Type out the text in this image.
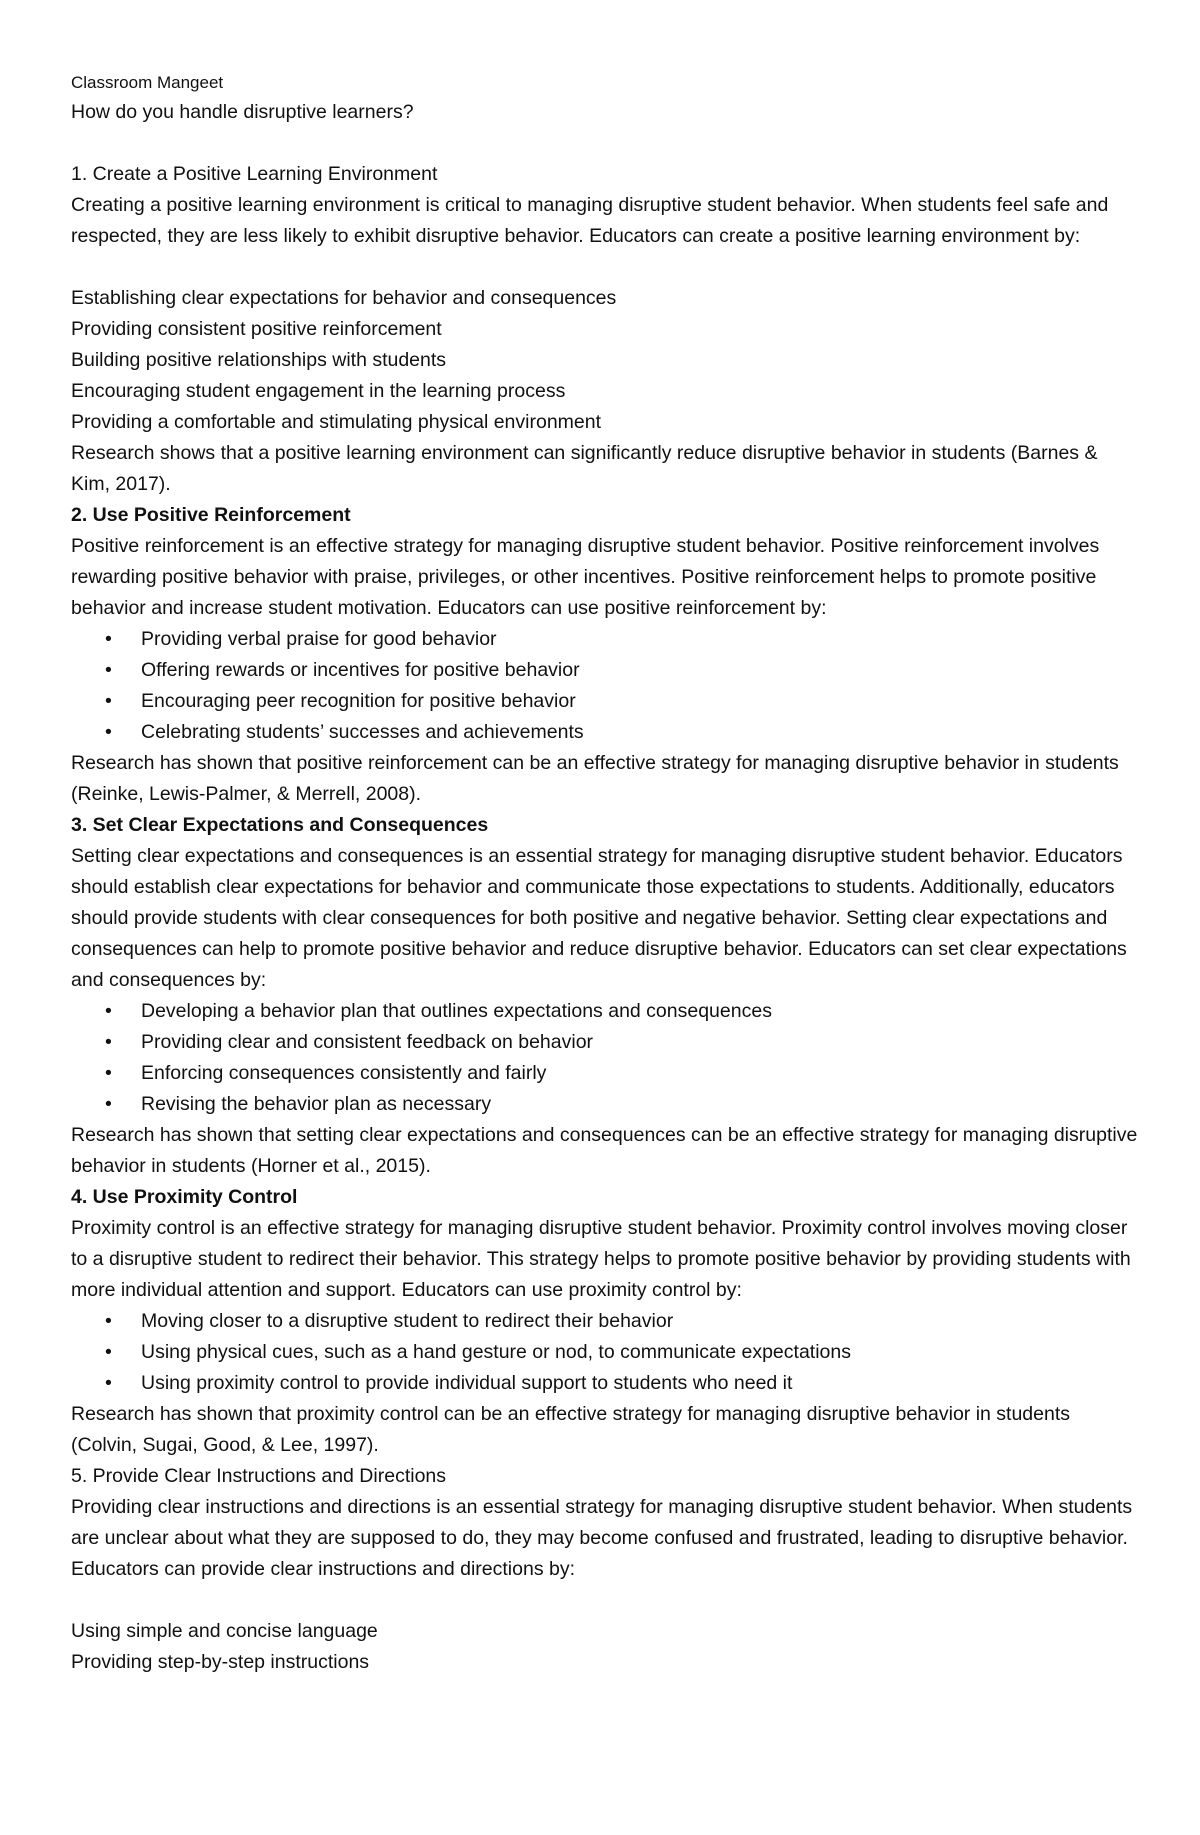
Classroom Mangeet
How do you handle disruptive learners?
1. Create a Positive Learning Environment
Creating a positive learning environment is critical to managing disruptive student behavior. When students feel safe and respected, they are less likely to exhibit disruptive behavior. Educators can create a positive learning environment by:
Establishing clear expectations for behavior and consequences
Providing consistent positive reinforcement
Building positive relationships with students
Encouraging student engagement in the learning process
Providing a comfortable and stimulating physical environment
Research shows that a positive learning environment can significantly reduce disruptive behavior in students (Barnes & Kim, 2017).
2. Use Positive Reinforcement
Positive reinforcement is an effective strategy for managing disruptive student behavior. Positive reinforcement involves rewarding positive behavior with praise, privileges, or other incentives. Positive reinforcement helps to promote positive behavior and increase student motivation. Educators can use positive reinforcement by:
• Providing verbal praise for good behavior
• Offering rewards or incentives for positive behavior
• Encouraging peer recognition for positive behavior
• Celebrating students’ successes and achievements
Research has shown that positive reinforcement can be an effective strategy for managing disruptive behavior in students (Reinke, Lewis-Palmer, & Merrell, 2008).
3. Set Clear Expectations and Consequences
Setting clear expectations and consequences is an essential strategy for managing disruptive student behavior. Educators should establish clear expectations for behavior and communicate those expectations to students. Additionally, educators should provide students with clear consequences for both positive and negative behavior. Setting clear expectations and consequences can help to promote positive behavior and reduce disruptive behavior. Educators can set clear expectations and consequences by:
• Developing a behavior plan that outlines expectations and consequences
• Providing clear and consistent feedback on behavior
• Enforcing consequences consistently and fairly
• Revising the behavior plan as necessary
Research has shown that setting clear expectations and consequences can be an effective strategy for managing disruptive behavior in students (Horner et al., 2015).
4. Use Proximity Control
Proximity control is an effective strategy for managing disruptive student behavior. Proximity control involves moving closer to a disruptive student to redirect their behavior. This strategy helps to promote positive behavior by providing students with more individual attention and support. Educators can use proximity control by:
• Moving closer to a disruptive student to redirect their behavior
• Using physical cues, such as a hand gesture or nod, to communicate expectations
• Using proximity control to provide individual support to students who need it
Research has shown that proximity control can be an effective strategy for managing disruptive behavior in students (Colvin, Sugai, Good, & Lee, 1997).
5. Provide Clear Instructions and Directions
Providing clear instructions and directions is an essential strategy for managing disruptive student behavior. When students are unclear about what they are supposed to do, they may become confused and frustrated, leading to disruptive behavior.  Educators can provide clear instructions and directions by:
Using simple and concise language
Providing step-by-step instructions
